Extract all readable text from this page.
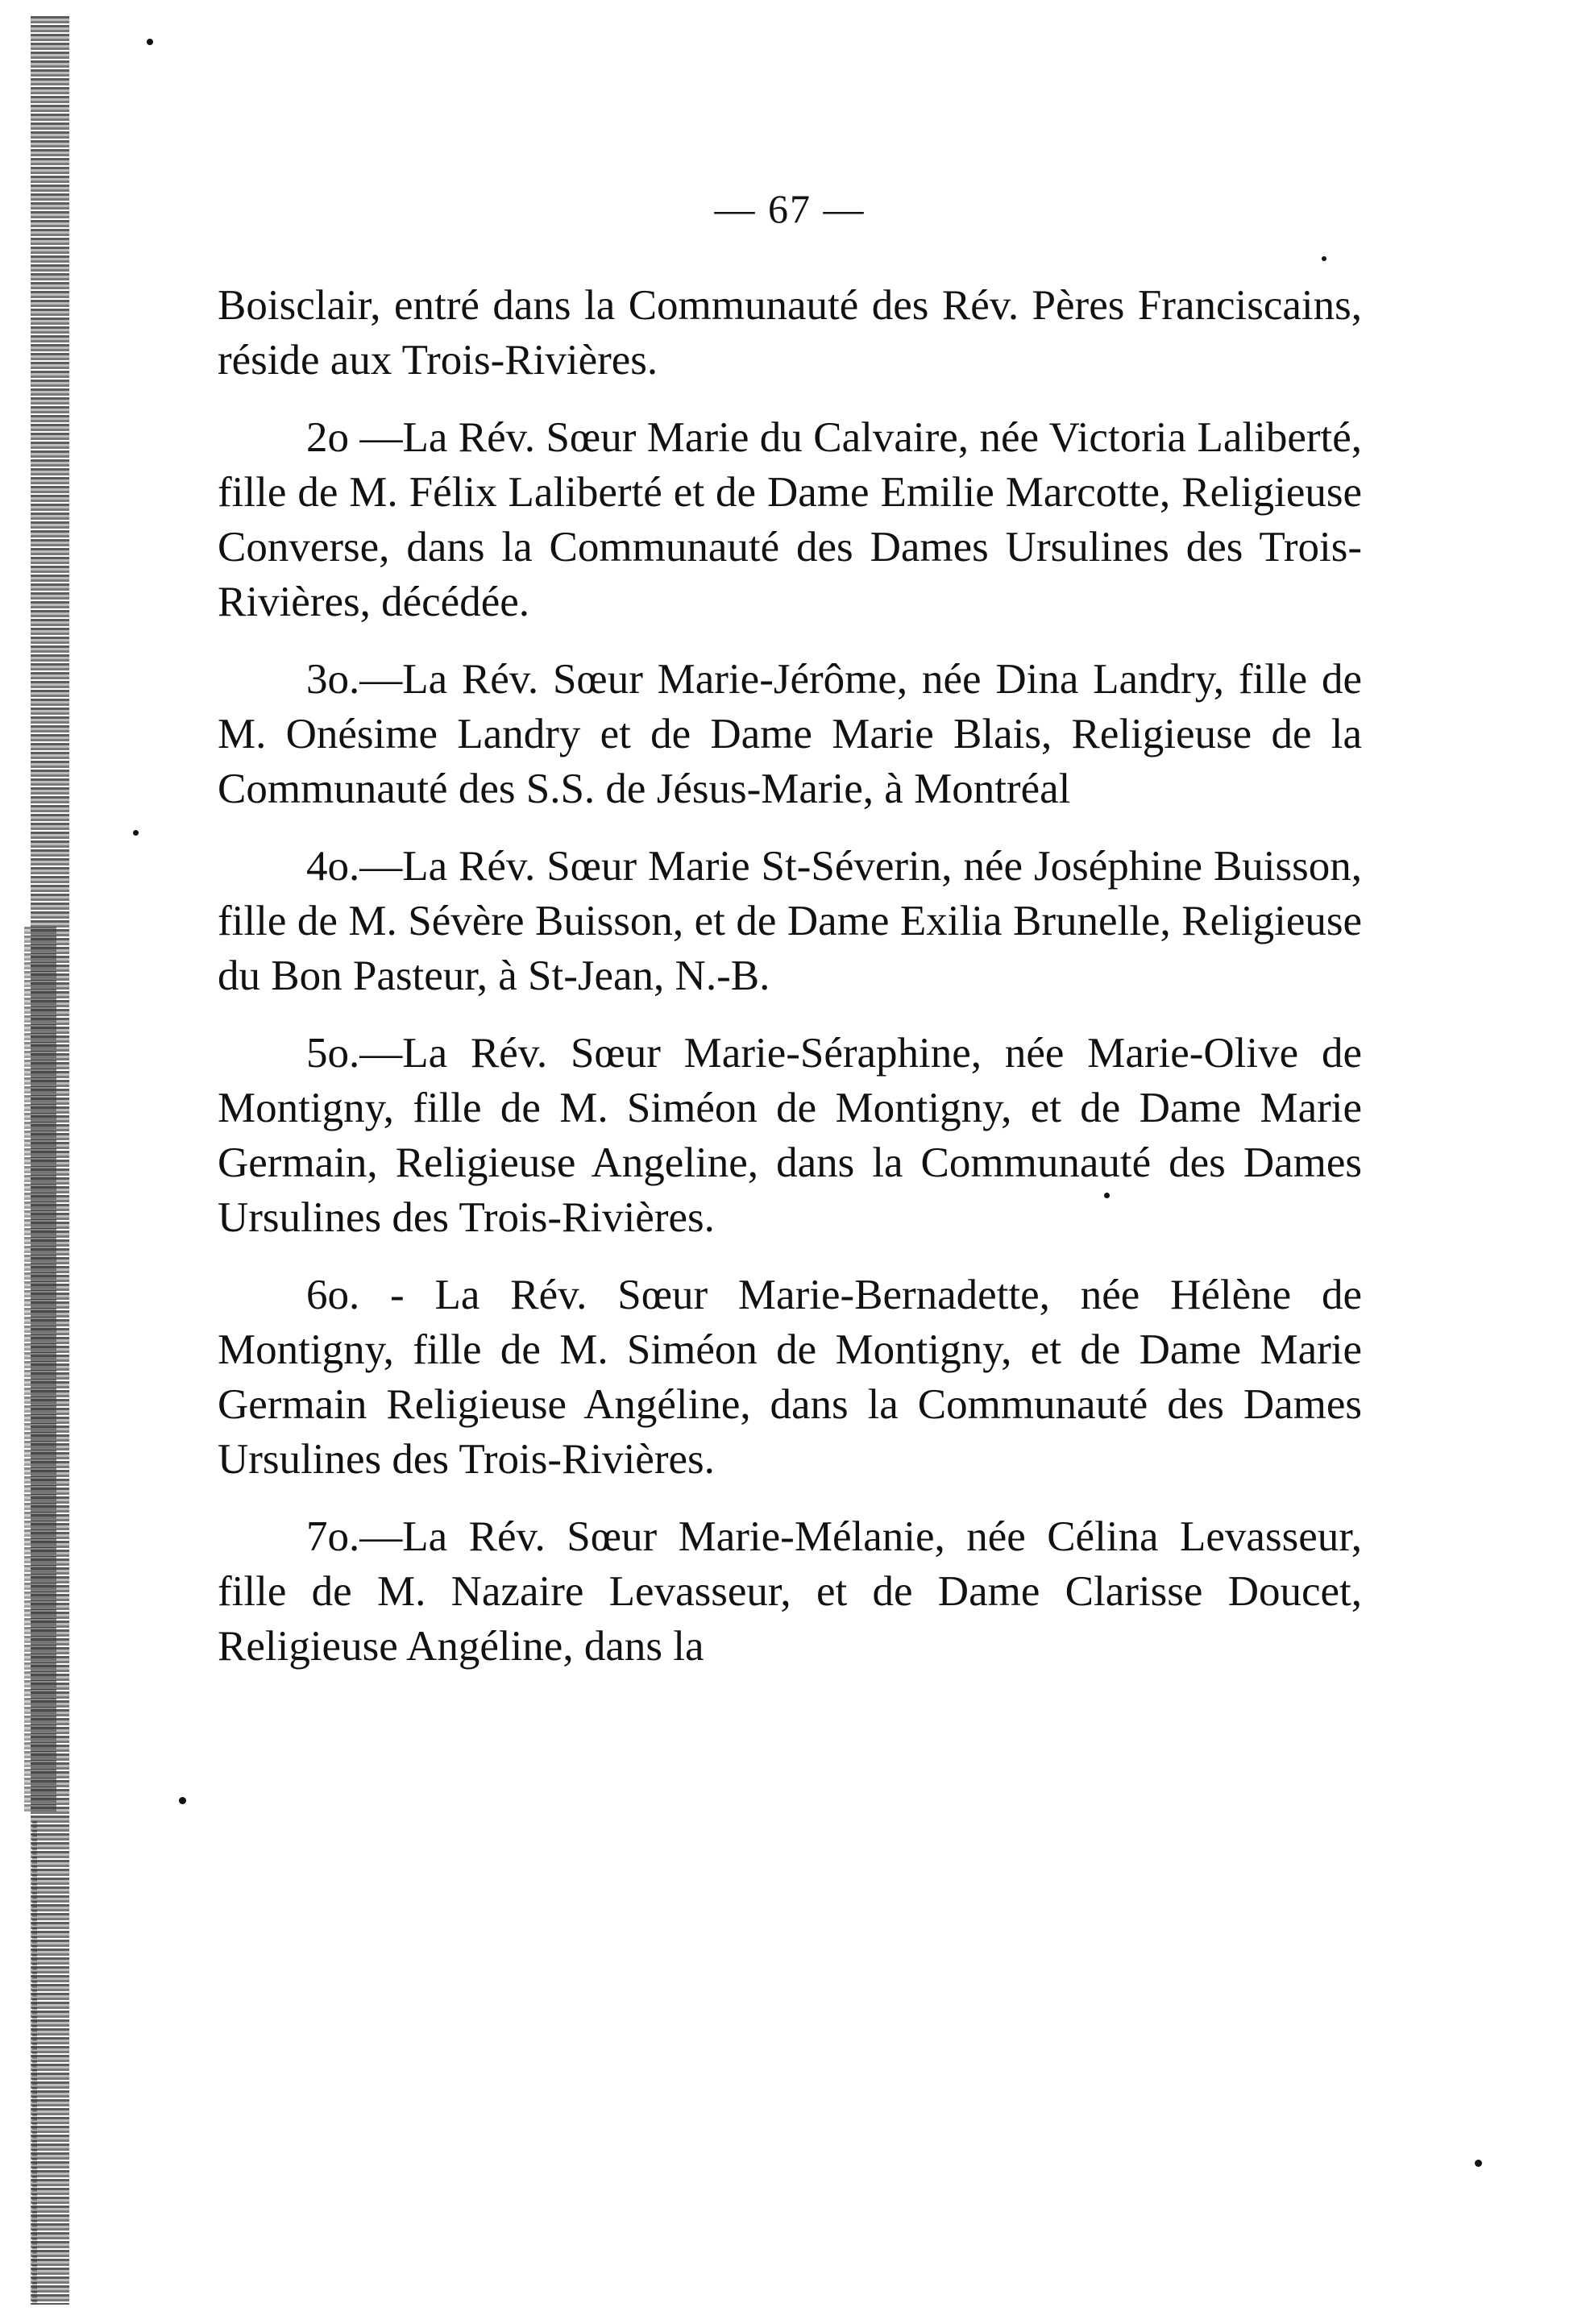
— 67 —

Boisclair, entré dans la Communauté des Rév. Pères Franciscains, réside aux Trois-Rivières.

2o —La Rév. Sœur Marie du Calvaire, née Victoria Laliberté, fille de M. Félix Laliberté et de Dame Emilie Marcotte, Religieuse Converse, dans la Communauté des Dames Ursulines des Trois-Rivières, décédée.

3o.—La Rév. Sœur Marie-Jérôme, née Dina Landry, fille de M. Onésime Landry et de Dame Marie Blais, Religieuse de la Communauté des S.S. de Jésus-Marie, à Montréal

4o.—La Rév. Sœur Marie St-Séverin, née Joséphine Buisson, fille de M. Sévère Buisson, et de Dame Exilia Brunelle, Religieuse du Bon Pasteur, à St-Jean, N.-B.

5o.—La Rév. Sœur Marie-Séraphine, née Marie-Olive de Montigny, fille de M. Siméon de Montigny, et de Dame Marie Germain, Religieuse Angeline, dans la Communauté des Dames Ursulines des Trois-Rivières.

6o. - La Rév. Sœur Marie-Bernadette, née Hélène de Montigny, fille de M. Siméon de Montigny, et de Dame Marie Germain Religieuse Angéline, dans la Communauté des Dames Ursulines des Trois-Rivières.

7o.—La Rév. Sœur Marie-Mélanie, née Célina Levasseur, fille de M. Nazaire Levasseur, et de Dame Clarisse Doucet, Religieuse Angéline, dans la
